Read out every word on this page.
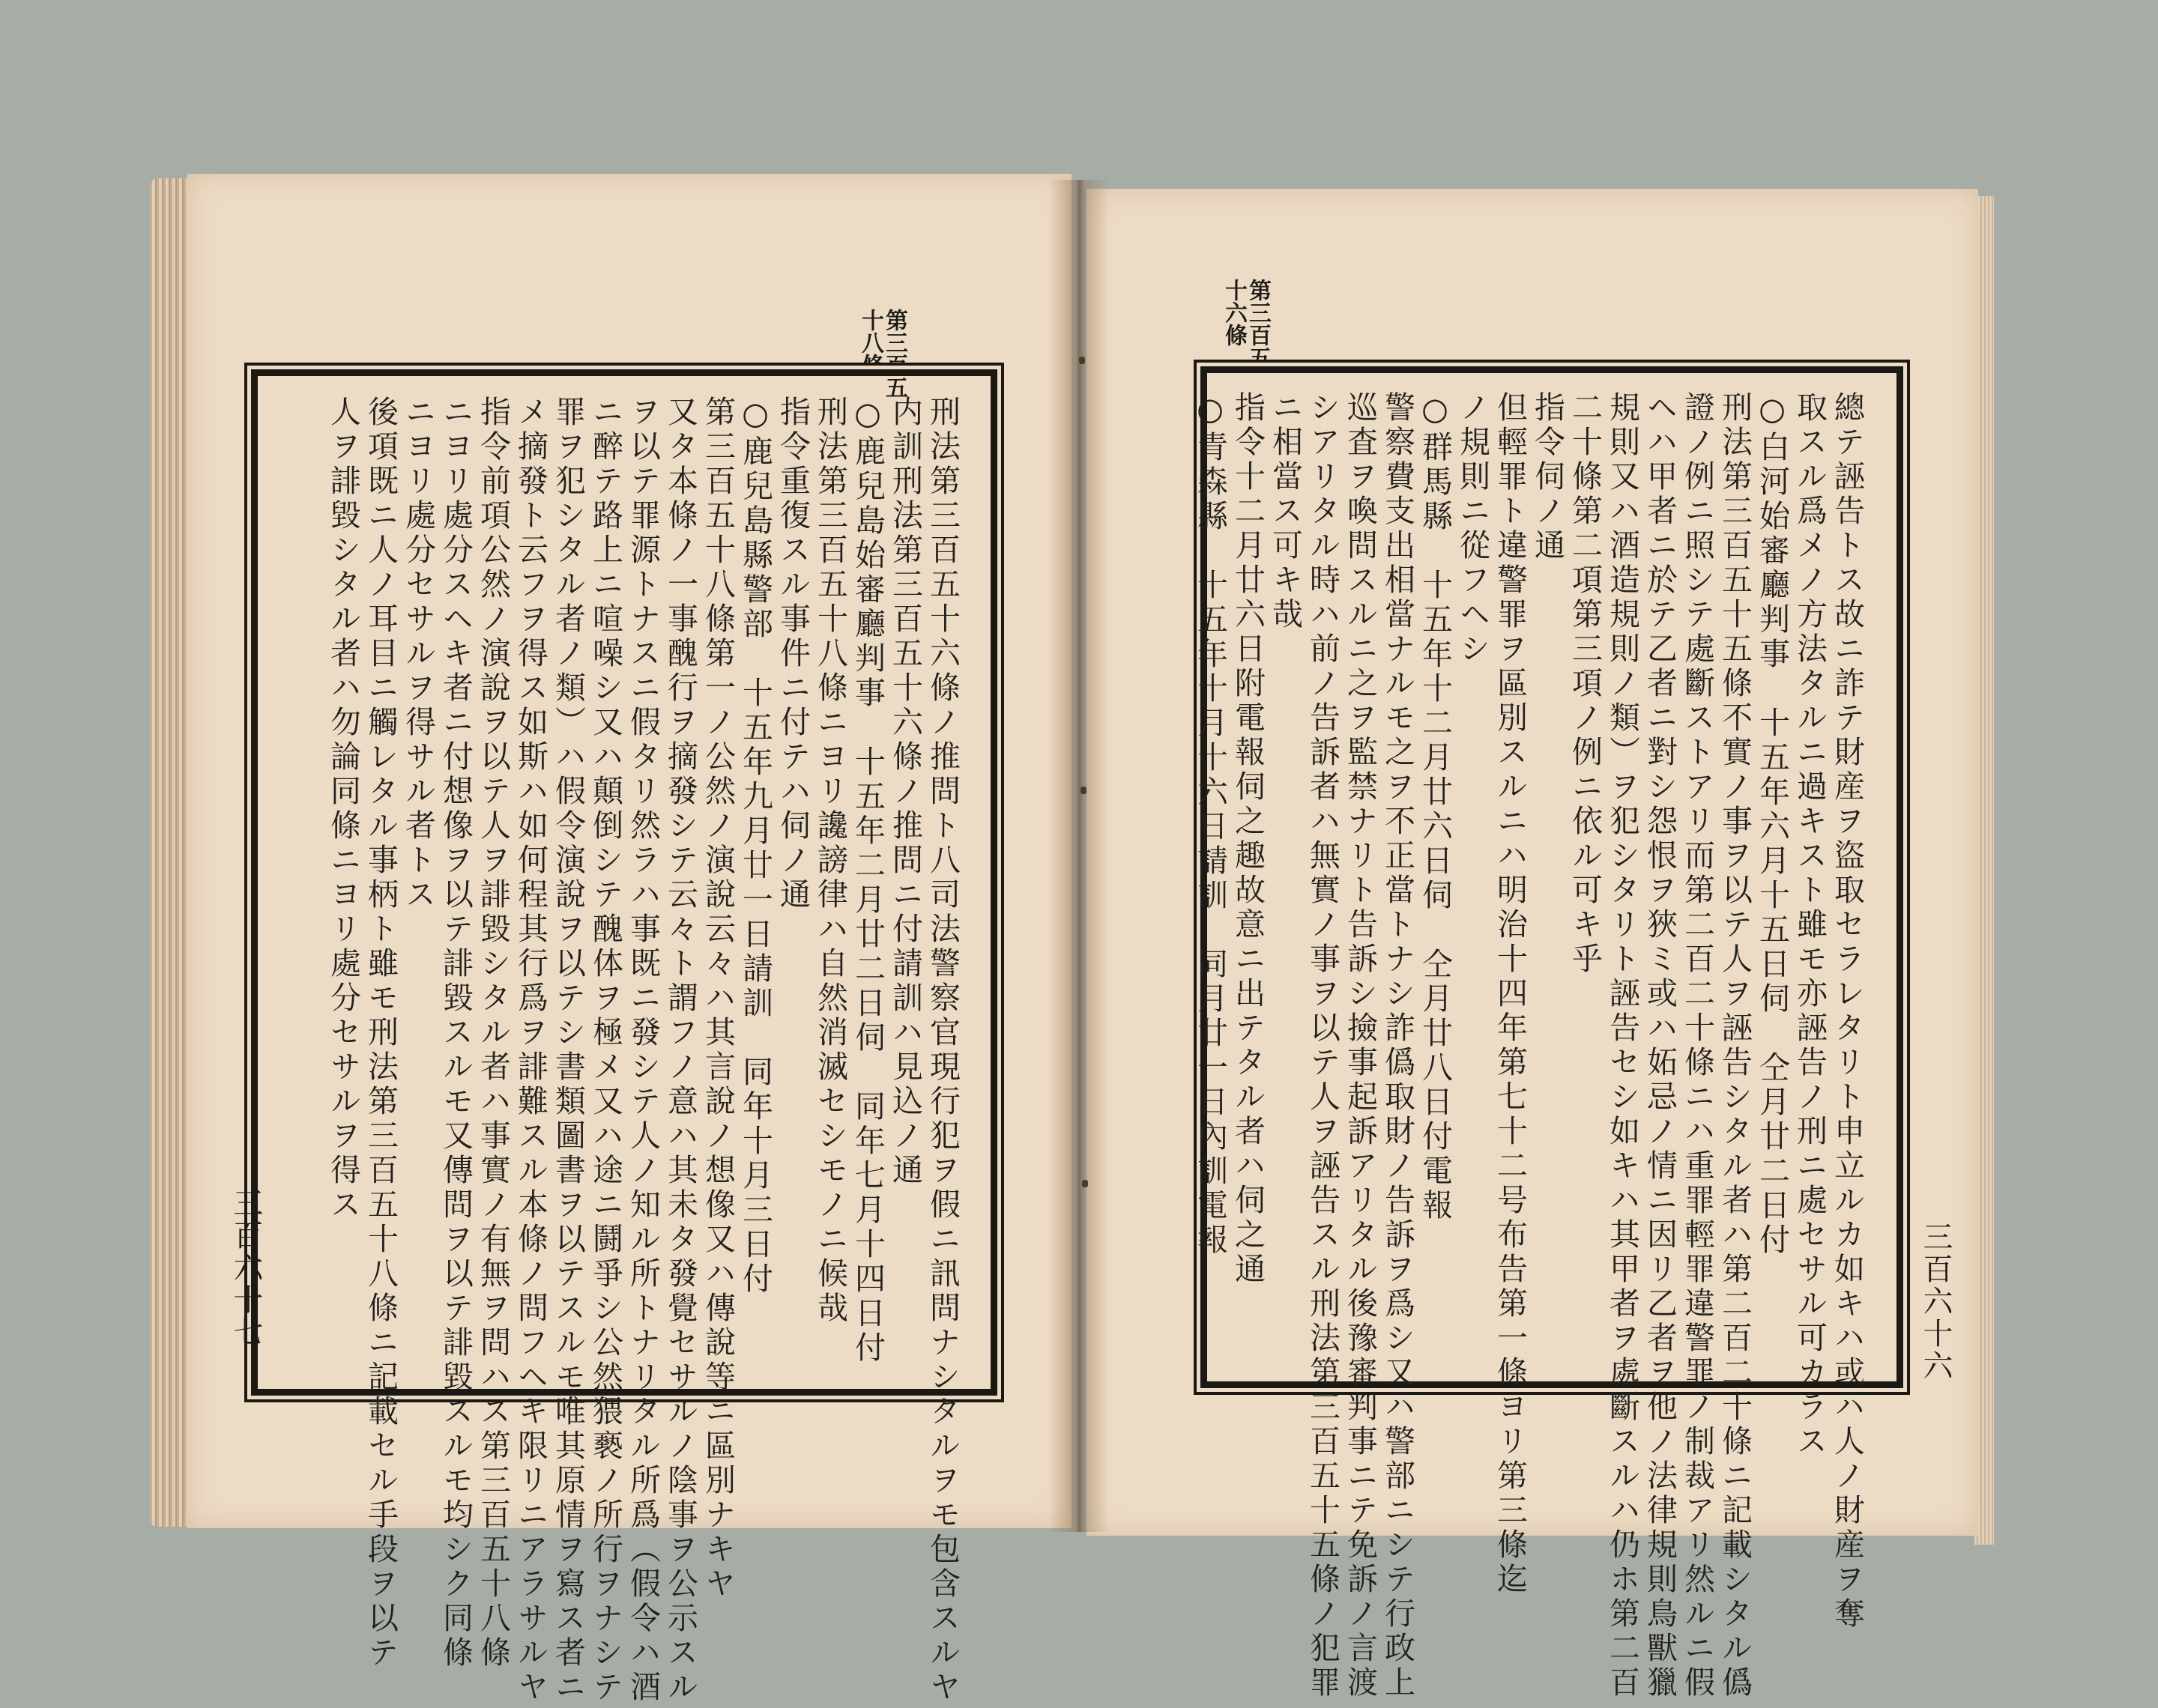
第三百五
十八條
刑法第三百五十六條ノ推問ト八司法警察官現行犯ヲ假ニ訊問ナシタルヲモ包含スルヤ
内訓刑法第三百五十六條ノ推問ニ付請訓ハ見込ノ通
○鹿兒島始審廳判事　十五年二月廿二日伺　同年七月十四日付
刑法第三百五十八條ニヨリ讒謗律ハ自然消滅セシモノニ候哉
指令重復スル事件ニ付テハ伺ノ通
○鹿兒島縣警部　十五年九月廿一日請訓　同年十月三日付
第三百五十八條第一ノ公然ノ演說云々ハ其言說ノ想像又ハ傳說等ニ區別ナキヤ
又タ本條ノ一事醜行ヲ摘發シテ云々ト謂フノ意ハ其未タ發覺セサルノ陰事ヲ公示スル
ヲ以テ罪源トナスニ假タリ然ラハ事既ニ發シテ人ノ知ル所トナリタル所爲（假令ハ酒
ニ醉テ路上ニ喧噪シ又ハ顛倒シテ醜体ヲ極メ又ハ途ニ鬪爭シ公然猥褻ノ所行ヲナシテ
罪ヲ犯シタル者ノ類）ハ假令演說ヲ以テシ書類圖書ヲ以テスルモ唯其原情ヲ寫ス者ニ
メ摘發ト云フヲ得ス如斯ハ如何程其行爲ヲ誹難スル本條ノ問フヘキ限リニアラサルヤ
指令前項公然ノ演說ヲ以テ人ヲ誹毀シタル者ハ事實ノ有無ヲ問ハス第三百五十八條
ニヨリ處分スヘキ者ニ付想像ヲ以テ誹毀スルモ又傳問ヲ以テ誹毀スルモ均シク同條
ニヨリ處分セサルヲ得サル者トス
後項既ニ人ノ耳目ニ觸レタル事柄ト雖モ刑法第三百五十八條ニ記載セル手段ヲ以テ
人ヲ誹毀シタル者ハ勿論同條ニヨリ處分セサルヲ得ス
三百六十七
第三百五
十六條
總テ誣告トス故ニ詐テ財産ヲ盜取セラレタリト申立ルカ如キハ或ハ人ノ財産ヲ奪
取スル爲メノ方法タルニ過キスト雖モ亦誣告ノ刑ニ處セサル可カラス
○白河始審廳判事　十五年六月十五日伺　仝月廿二日付
刑法第三百五十五條不實ノ事ヲ以テ人ヲ誣告シタル者ハ第二百二十條ニ記載シタル僞
證ノ例ニ照シテ處斷ストアリ而第二百二十條ニハ重罪輕罪違警罪ノ制裁アリ然ルニ假
ヘハ甲者ニ於テ乙者ニ對シ怨恨ヲ狹ミ或ハ妬忌ノ情ニ因リ乙者ヲ他ノ法律規則鳥獸獵
規則又ハ酒造規則ノ類）ヲ犯シタリト誣告セシ如キハ其甲者ヲ處斷スルハ仍ホ第二百
二十條第二項第三項ノ例ニ依ル可キ乎
指令伺ノ通
但輕罪ト違警罪ヲ區別スルニハ明治十四年第七十二号布告第一條ヨリ第三條迄
ノ規則ニ從フヘシ
○群馬縣　十五年十二月廿六日伺　仝月廿八日付電報
警察費支出相當ナルモ之ヲ不正當トナシ詐僞取財ノ告訴ヲ爲シ又ハ警部ニシテ行政上
巡査ヲ喚問スルニ之ヲ監禁ナリト告訴シ撿事起訴アリタル後豫審判事ニテ免訴ノ言渡
シアリタル時ハ前ノ告訴者ハ無實ノ事ヲ以テ人ヲ誣告スル刑法第三百五十五條ノ犯罪
ニ相當ス可キ哉
指令十二月廿六日附電報伺之趣故意ニ出テタル者ハ伺之通
○青森縣　十五年十月十六日請訓　同月廿一日內訓電報
三百六十六
